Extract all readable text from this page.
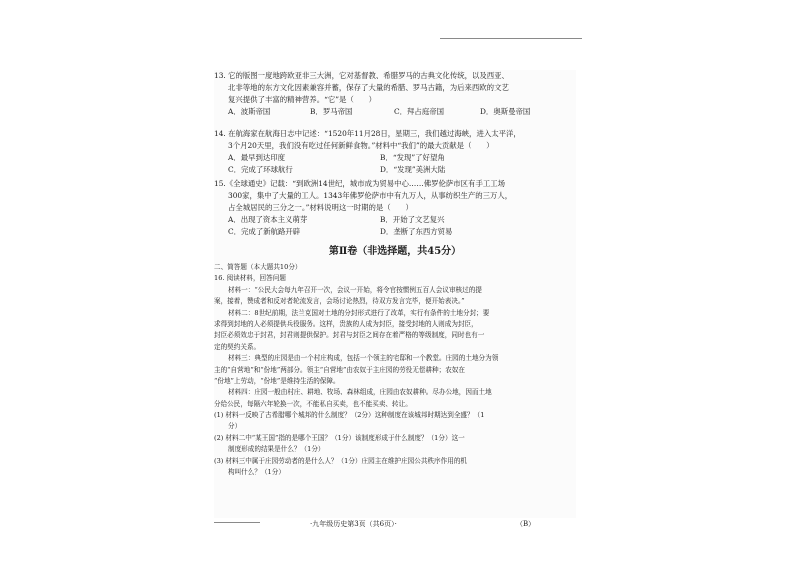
13. 它的版图一度地跨欧亚非三大洲，它对基督教、希腊罗马的古典文化传统，以及西亚、
北非等地的东方文化因素兼容并蓄，保存了大量的希腊、罗马古籍，为后来西欧的文艺
复兴提供了丰富的精神营养。“它”是（　　）
A．波斯帝国	B．罗马帝国	C．拜占庭帝国	D．奥斯曼帝国
14. 在航海家在航海日志中记述：“1520年11月28日，星期三，我们越过海峡，进入太平洋，
3个月20天里，我们没有吃过任何新鲜食物。”材料中“我们”的最大贡献是（　　）
A．最早到达印度	B．“发现”了好望角
C．完成了环球航行	D．“发现”美洲大陆
15.《全球通史》记载：“到欧洲14世纪，城市成为贸易中心……佛罗伦萨市区有手工工场
300家，集中了大量的工人。1343年佛罗伦萨市中有九万人，从事纺织生产的三万人，
占全城居民的三分之一。”材料说明这一时期的是（　　）
A．出现了资本主义萌芽	B．开始了文艺复兴
C．完成了新航路开辟	D．垄断了东西方贸易
第Ⅱ卷（非选择题，共45分）
二、简答题（本大题共10分）
16. 阅读材料，回答问题
材料一：“公民大会每九年召开一次，会议一开始，将令官按惯例五百人会议审核过的提
案，接着，赞成者和反对者轮流发言，会场讨论热烈，待双方发言完毕，便开始表决。”
材料二：8世纪前期，法兰克国对土地的分封形式进行了改革，实行有条件的土地分封；要
求得到封地的人必须提供兵役服务。这样，贵族的人成为封臣，接受封地的人则成为封臣，
封臣必须效忠于封君，封君则提供保护。封君与封臣之间存在着严格的等级制度，同时也有一
定的契约关系。
材料三：典型的庄园是由一个村庄构成，包括一个领主的宅邸和一个教堂。庄园的土地分为领
主的“自营地”和“份地”两部分。领主“自营地”由农奴于主庄园的劳役无偿耕种；农奴在
“份地”上劳动，“份地”是维持生活的保障。
材料四：庄园一般由村庄、耕地、牧场、森林组成，庄园由农奴耕种。尽办公地，因而土地
分给公民，每隔六年轮换一次，不能私自买卖，也不能买卖、转让。
(1) 材料一反映了古希腊哪个城邦的什么制度？（2分）这种制度在该城邦时期达到全盛？（1
分）
(2) 材料二中“某王国”指的是哪个王国？（1分）该制度形成于什么制度？（1分）这一
制度形成的结果是什么？（1分）
(3) 材料三中属于庄园劳动者的是什么人？（1分）庄园主在维护庄园公共秩序作用的机
构叫什么？（1分）
·九年级历史第3页（共6页）·	（B）
